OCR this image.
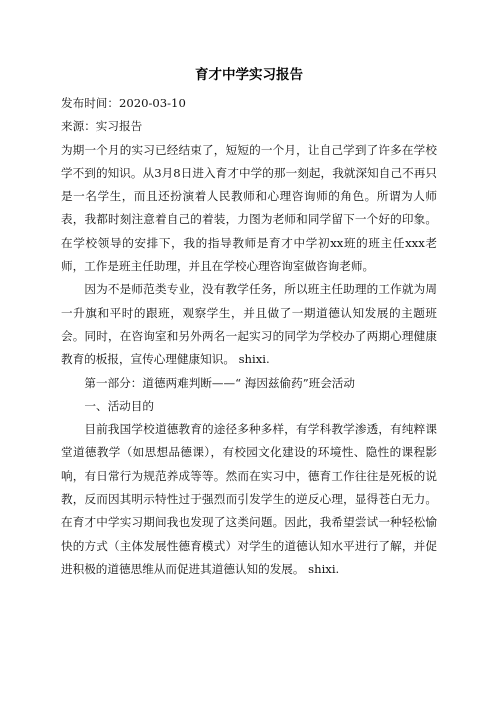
育才中学实习报告

发布时间：2020-03-10

来源：实习报告

为期一个月的实习已经结束了，短短的一个月，让自己学到了许多在学校学不到的知识。从3月8日进入育才中学的那一刻起，我就深知自己不再只是一名学生，而且还扮演着人民教师和心理咨询师的角色。所谓为人师表，我都时刻注意着自己的着装，力图为老师和同学留下一个好的印象。在学校领导的安排下，我的指导教师是育才中学初xx班的班主任xxx老师，工作是班主任助理，并且在学校心理咨询室做咨询老师。

因为不是师范类专业，没有教学任务，所以班主任助理的工作就为周一升旗和平时的跟班，观察学生，并且做了一期道德认知发展的主题班会。同时，在咨询室和另外两名一起实习的同学为学校办了两期心理健康教育的板报，宣传心理健康知识。 shixi.

第一部分：道德两难判断——“ 海因兹偷药”班会活动

一、活动目的

目前我国学校道德教育的途径多种多样，有学科教学渗透，有纯粹课堂道德教学（如思想品德课），有校园文化建设的环境性、隐性的课程影响，有日常行为规范养成等等。然而在实习中，德育工作往往是死板的说教，反而因其明示特性过于强烈而引发学生的逆反心理，显得苍白无力。在育才中学实习期间我也发现了这类问题。因此，我希望尝试一种轻松愉快的方式（主体发展性德育模式）对学生的道德认知水平进行了解，并促进积极的道德思维从而促进其道德认知的发展。 shixi.
